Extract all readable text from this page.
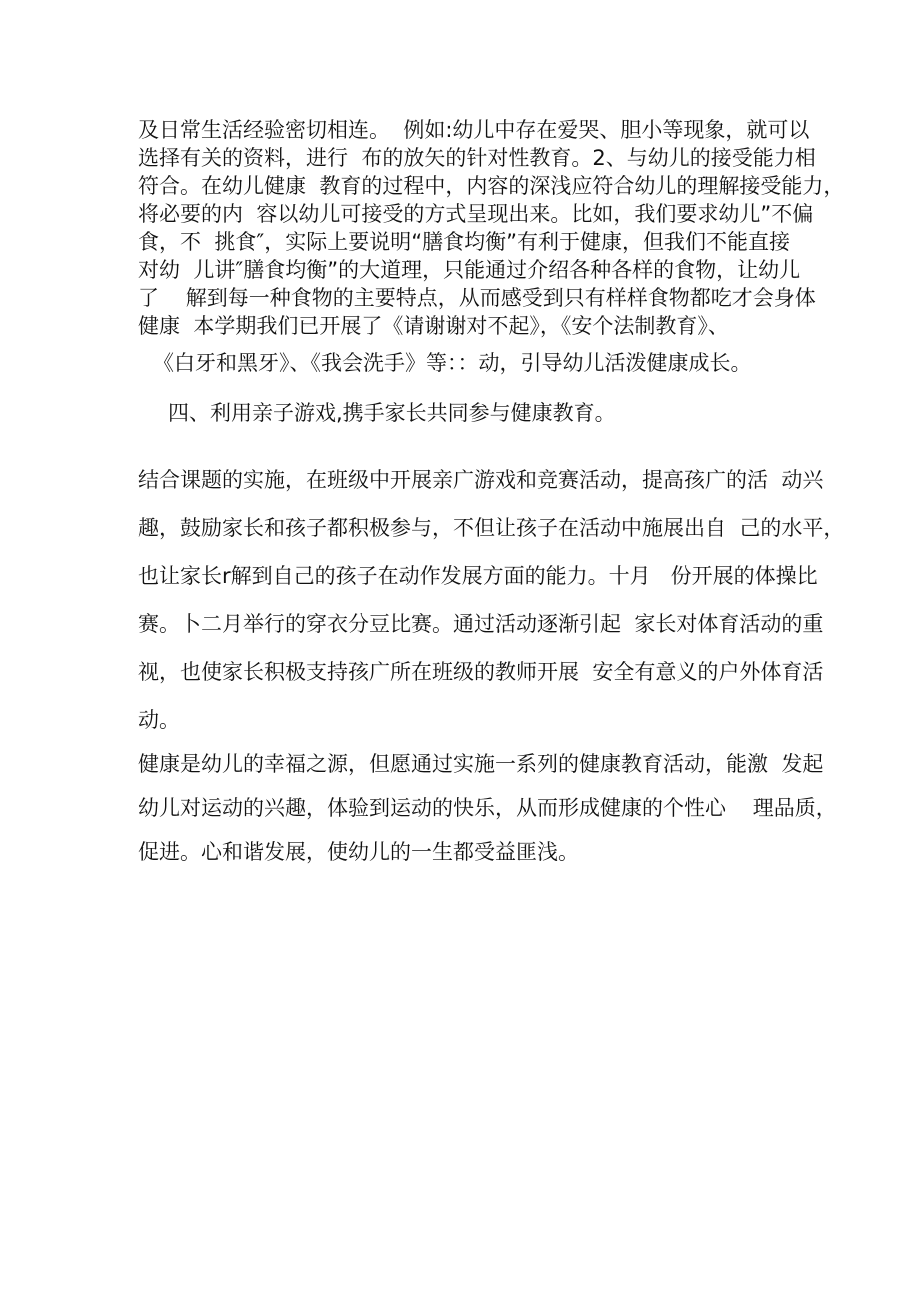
及日常生活经验密切相连。  例如:幼儿中存在爱哭、胆小等现象，就可以
选择有关的资料，进行  布的放矢的针对性教育。2、与幼儿的接受能力相
符合。在幼儿健康  教育的过程中，内容的深浅应符合幼儿的理解接受能力，
将必要的内  容以幼儿可接受的方式呈现出来。比如，我们要求幼儿”不偏
食，不  挑食″，实际上要说明“膳食均衡”有利于健康，但我们不能直接
对幼  儿讲″膳食均衡”的大道理，只能通过介绍各种各样的食物，让幼儿
了    解到每一种食物的主要特点，从而感受到只有样样食物都吃才会身体
健康  本学期我们已开展了《请谢谢对不起》，《安个法制教育》、

《白牙和黑牙》、《我会洗手》等：：动，引导幼儿活泼健康成长。

四、利用亲子游戏,携手家长共同参与健康教育。

结合课题的实施，在班级中开展亲广游戏和竞赛活动，提高孩广的活  动兴
趣，鼓励家长和孩子都积极参与，不但让孩子在活动中施展出自  己的水平，
也让家长r解到自己的孩子在动作发展方面的能力。十月   份开展的体操比
赛。卜二月举行的穿衣分豆比赛。通过活动逐渐引起  家长对体育活动的重
视，也使家长积极支持孩广所在班级的教师开展  安全有意义的户外体育活
动。

健康是幼儿的幸福之源，但愿通过实施一系列的健康教育活动，能激  发起
幼儿对运动的兴趣，体验到运动的快乐，从而形成健康的个性心    理品质，
促进。心和谐发展，使幼儿的一生都受益匪浅。
